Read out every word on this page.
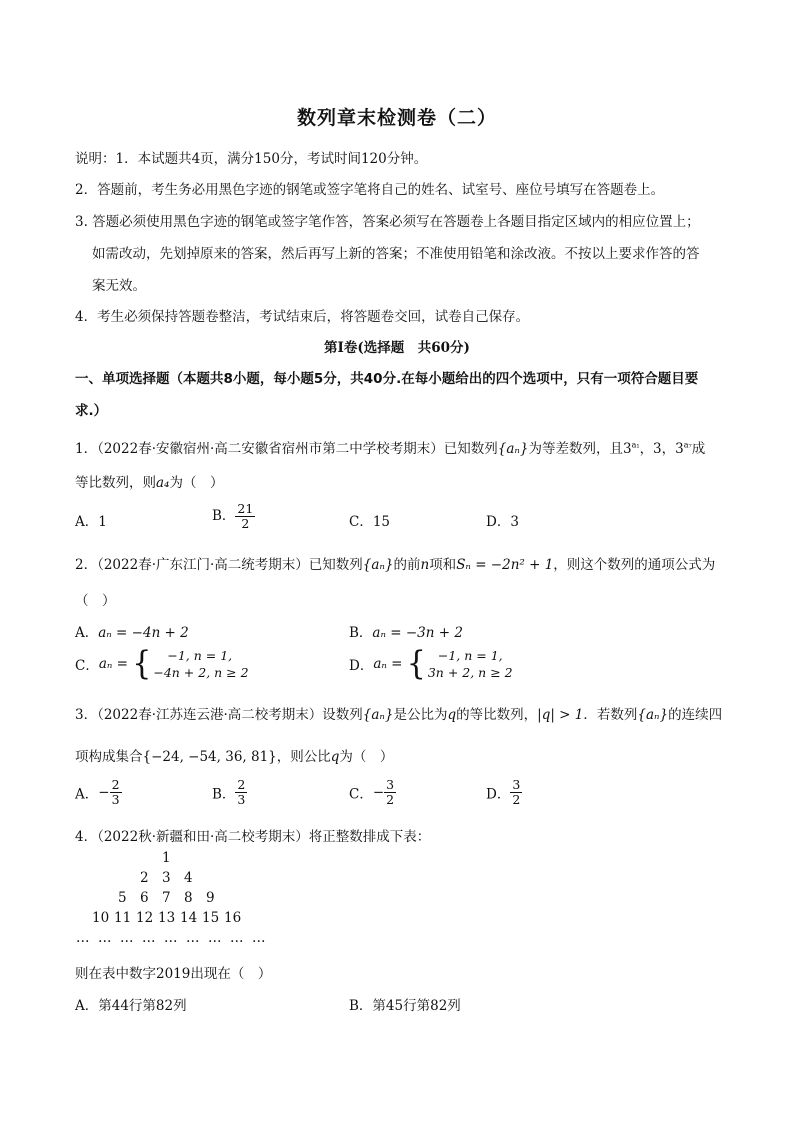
数列章末检测卷（二）
说明：1．本试题共4页，满分150分，考试时间120分钟。
2．答题前，考生务必用黑色字迹的钢笔或签字笔将自己的姓名、试室号、座位号填写在答题卷上。
3. 答题必须使用黑色字迹的钢笔或签字笔作答，答案必须写在答题卷上各题目指定区域内的相应位置上；
如需改动，先划掉原来的答案，然后再写上新的答案；不准使用铅笔和涂改液。不按以上要求作答的答
案无效。
4．考生必须保持答题卷整洁，考试结束后，将答题卷交回，试卷自己保存。
第I卷(选择题　共60分)
一、单项选择题（本题共8小题，每小题5分，共40分.在每小题给出的四个选项中，只有一项符合题目要
求.）
1．（2022春·安徽宿州·高二安徽省宿州市第二中学校考期末）已知数列{aₙ}为等差数列，且$3^{a_1}$，3，$3^{a_7}$成
等比数列，则a₄为（　）
A．1	B． $\frac{21}{2}$	C．15	D．3
2．（2022春·广东江门·高二统考期末）已知数列{aₙ}的前n项和Sₙ = −2n² + 1，则这个数列的通项公式为
（　）
A．aₙ = −4n + 2	B．aₙ = −3n + 2
C．aₙ = {	−1, n = 1,
−4n + 2, n ≥ 2	D．aₙ = { −1, n = 1,
3n + 2, n ≥ 2
3．（2022春·江苏连云港·高二校考期末）设数列{aₙ}是公比为q的等比数列，|q| > 1．若数列{aₙ}的连续四
项构成集合{−24, −54, 36, 81}，则公比q为（　）
A．− $\frac{2}{3}$	B． $\frac{2}{3}$	C．− $\frac{3}{2}$	D． $\frac{3}{2}$
4．（2022秋·新疆和田·高二校考期末）将正整数排成下表：
1
2 3 4
5 6 7 8 9
10 11 12 13 14 15 16
… … … … … … … … …
则在表中数字2019出现在（　）
A．第44行第82列	B．第45行第82列
